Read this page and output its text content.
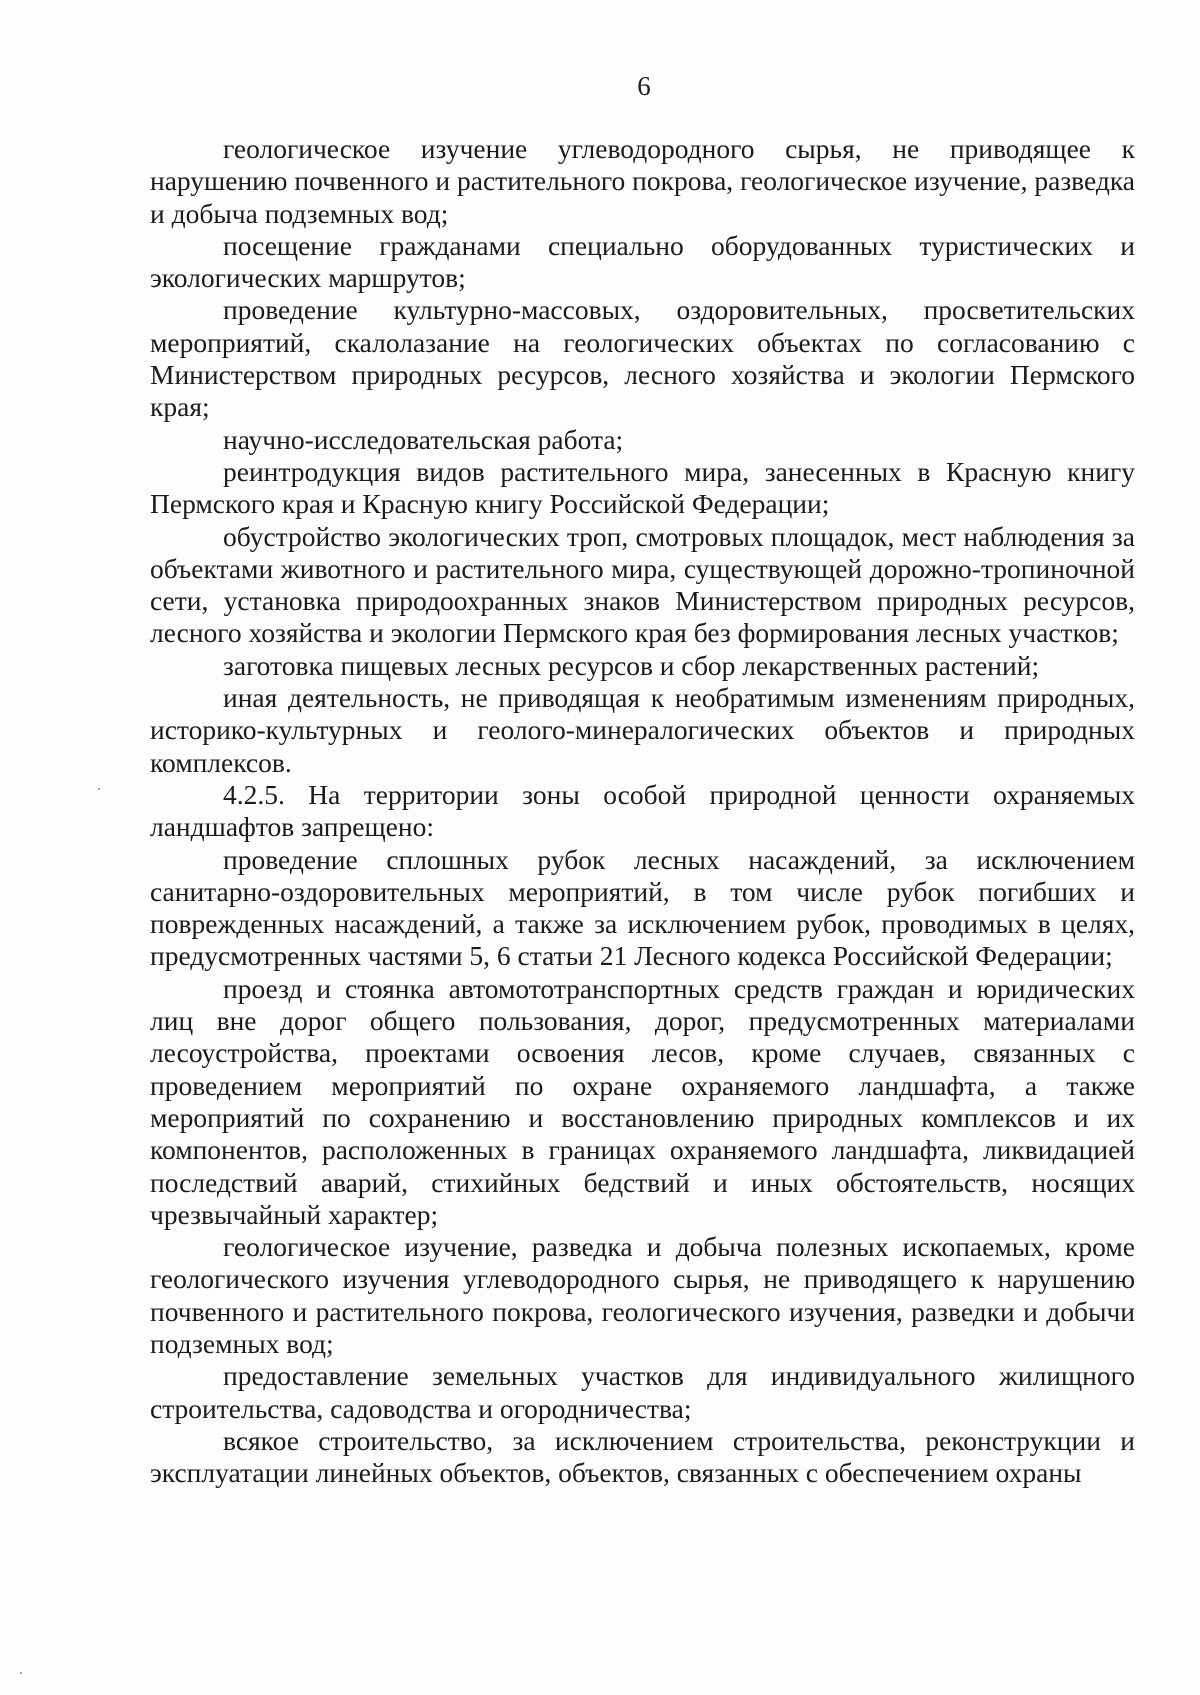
6

геологическое изучение углеводородного сырья, не приводящее к нарушению почвенного и растительного покрова, геологическое изучение, разведка и добыча подземных вод;

посещение гражданами специально оборудованных туристических и экологических маршрутов;

проведение культурно-массовых, оздоровительных, просветительских мероприятий, скалолазание на геологических объектах по согласованию с Министерством природных ресурсов, лесного хозяйства и экологии Пермского края;

научно-исследовательская работа;

реинтродукция видов растительного мира, занесенных в Красную книгу Пермского края и Красную книгу Российской Федерации;

обустройство экологических троп, смотровых площадок, мест наблюдения за объектами животного и растительного мира, существующей дорожно-тропиночной сети, установка природоохранных знаков Министерством природных ресурсов, лесного хозяйства и экологии Пермского края без формирования лесных участков;

заготовка пищевых лесных ресурсов и сбор лекарственных растений;

иная деятельность, не приводящая к необратимым изменениям природных, историко-культурных и геолого-минералогических объектов и природных комплексов.

4.2.5. На территории зоны особой природной ценности охраняемых ландшафтов запрещено:

проведение сплошных рубок лесных насаждений, за исключением санитарно-оздоровительных мероприятий, в том числе рубок погибших и поврежденных насаждений, а также за исключением рубок, проводимых в целях, предусмотренных частями 5, 6 статьи 21 Лесного кодекса Российской Федерации;

проезд и стоянка автомототранспортных средств граждан и юридических лиц вне дорог общего пользования, дорог, предусмотренных материалами лесоустройства, проектами освоения лесов, кроме случаев, связанных с проведением мероприятий по охране охраняемого ландшафта, а также мероприятий по сохранению и восстановлению природных комплексов и их компонентов, расположенных в границах охраняемого ландшафта, ликвидацией последствий аварий, стихийных бедствий и иных обстоятельств, носящих чрезвычайный характер;

геологическое изучение, разведка и добыча полезных ископаемых, кроме геологического изучения углеводородного сырья, не приводящего к нарушению почвенного и растительного покрова, геологического изучения, разведки и добычи подземных вод;

предоставление земельных участков для индивидуального жилищного строительства, садоводства и огородничества;

всякое строительство, за исключением строительства, реконструкции и эксплуатации линейных объектов, объектов, связанных с обеспечением охраны
